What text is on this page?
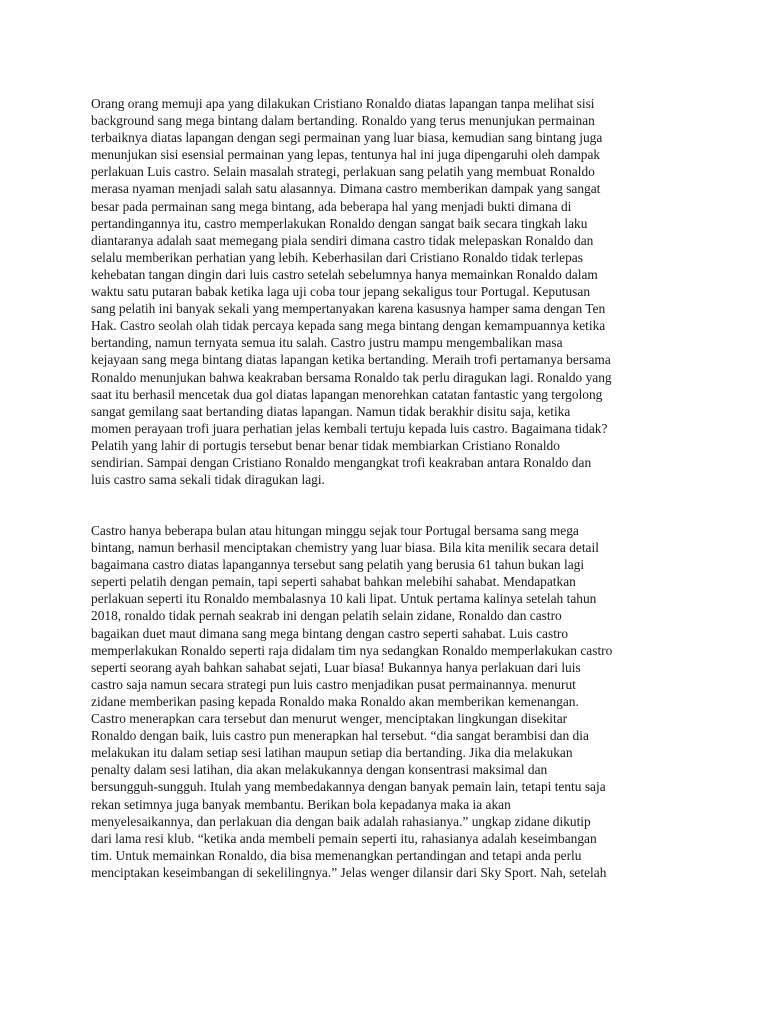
Orang orang memuji apa yang dilakukan Cristiano Ronaldo diatas lapangan tanpa melihat sisi
background sang mega bintang dalam bertanding. Ronaldo yang terus menunjukan permainan
terbaiknya diatas lapangan dengan segi permainan yang luar biasa, kemudian sang bintang juga
menunjukan sisi esensial permainan yang lepas, tentunya hal ini juga dipengaruhi oleh dampak
perlakuan Luis castro. Selain masalah strategi, perlakuan sang pelatih yang membuat Ronaldo
merasa nyaman menjadi salah satu alasannya. Dimana castro memberikan dampak yang sangat
besar pada permainan sang mega bintang, ada beberapa hal yang menjadi bukti dimana di
pertandingannya itu, castro memperlakukan Ronaldo dengan sangat baik secara tingkah laku
diantaranya adalah saat memegang piala sendiri dimana castro tidak melepaskan Ronaldo dan
selalu memberikan perhatian yang lebih. Keberhasilan dari Cristiano Ronaldo tidak terlepas
kehebatan tangan dingin dari luis castro setelah sebelumnya hanya memainkan Ronaldo dalam
waktu satu putaran babak ketika laga uji coba tour jepang sekaligus tour Portugal. Keputusan
sang pelatih ini banyak sekali yang mempertanyakan karena kasusnya hamper sama dengan Ten
Hak. Castro seolah olah tidak percaya kepada sang mega bintang dengan kemampuannya ketika
bertanding, namun ternyata semua itu salah. Castro justru mampu mengembalikan masa
kejayaan sang mega bintang diatas lapangan ketika bertanding. Meraih trofi pertamanya bersama
Ronaldo menunjukan bahwa keakraban bersama Ronaldo tak perlu diragukan lagi. Ronaldo yang
saat itu berhasil mencetak dua gol diatas lapangan menorehkan catatan fantastic yang tergolong
sangat gemilang saat bertanding diatas lapangan. Namun tidak berakhir disitu saja, ketika
momen perayaan trofi juara perhatian jelas kembali tertuju kepada luis castro. Bagaimana tidak?
Pelatih yang lahir di portugis tersebut benar benar tidak membiarkan Cristiano Ronaldo
sendirian. Sampai dengan Cristiano Ronaldo mengangkat trofi keakraban antara Ronaldo dan
luis castro sama sekali tidak diragukan lagi.
Castro hanya beberapa bulan atau hitungan minggu sejak tour Portugal bersama sang mega
bintang, namun berhasil menciptakan chemistry yang luar biasa. Bila kita menilik secara detail
bagaimana castro diatas lapangannya tersebut sang pelatih yang berusia 61 tahun bukan lagi
seperti pelatih dengan pemain, tapi seperti sahabat bahkan melebihi sahabat. Mendapatkan
perlakuan seperti itu Ronaldo membalasnya 10 kali lipat. Untuk pertama kalinya setelah tahun
2018, ronaldo tidak pernah seakrab ini dengan pelatih selain zidane, Ronaldo dan castro
bagaikan duet maut dimana sang mega bintang dengan castro seperti sahabat. Luis castro
memperlakukan Ronaldo seperti raja didalam tim nya sedangkan Ronaldo memperlakukan castro
seperti seorang ayah bahkan sahabat sejati, Luar biasa! Bukannya hanya perlakuan dari luis
castro saja namun secara strategi pun luis castro menjadikan pusat permainannya. menurut
zidane memberikan pasing kepada Ronaldo maka Ronaldo akan memberikan kemenangan.
Castro menerapkan cara tersebut dan menurut wenger, menciptakan lingkungan disekitar
Ronaldo dengan baik, luis castro pun menerapkan hal tersebut. “dia sangat berambisi dan dia
melakukan itu dalam setiap sesi latihan maupun setiap dia bertanding. Jika dia melakukan
penalty dalam sesi latihan, dia akan melakukannya dengan konsentrasi maksimal dan
bersungguh-sungguh. Itulah yang membedakannya dengan banyak pemain lain, tetapi tentu saja
rekan setimnya juga banyak membantu. Berikan bola kepadanya maka ia akan
menyelesaikannya, dan perlakuan dia dengan baik adalah rahasianya.” ungkap zidane dikutip
dari lama resi klub. “ketika anda membeli pemain seperti itu, rahasianya adalah keseimbangan
tim. Untuk memainkan Ronaldo, dia bisa memenangkan pertandingan and tetapi anda perlu
menciptakan keseimbangan di sekelilingnya.” Jelas wenger dilansir dari Sky Sport. Nah, setelah
